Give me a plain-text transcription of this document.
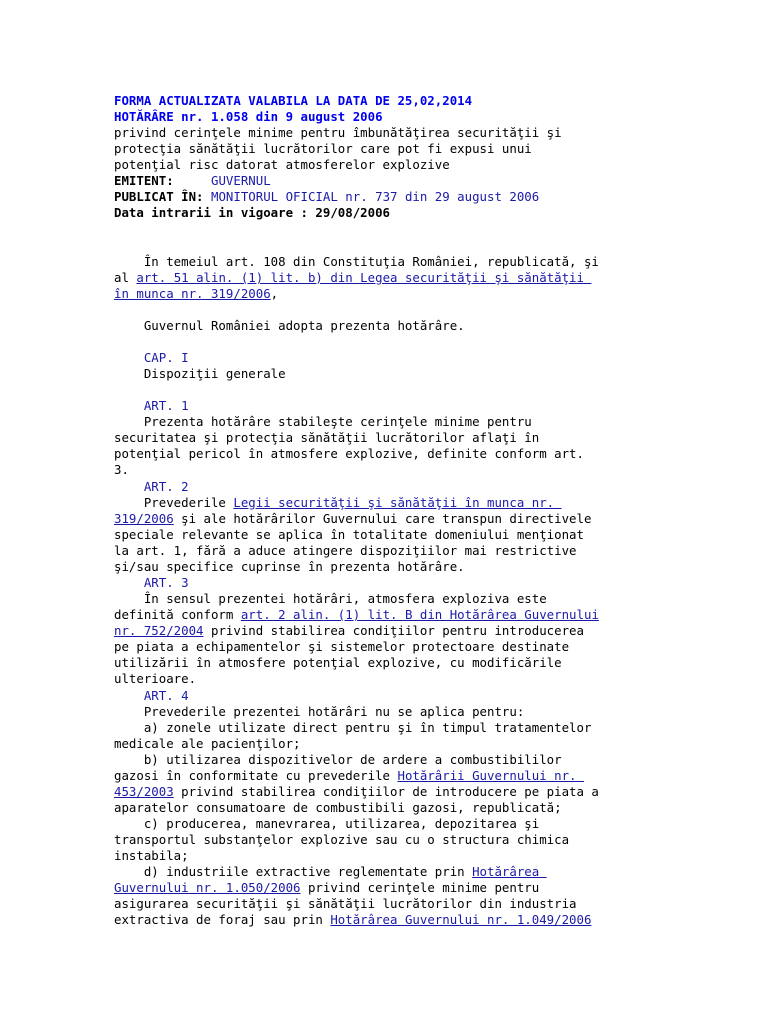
FORMA ACTUALIZATA VALABILA LA DATA DE 25,02,2014
HOTĂRÂRE nr. 1.058 din 9 august 2006
privind cerinţele minime pentru îmbunătăţirea securităţii şi
protecţia sănătăţii lucrătorilor care pot fi expusi unui
potenţial risc datorat atmosferelor explozive
EMITENT:	GUVERNUL
PUBLICAT ÎN: MONITORUL OFICIAL nr. 737 din 29 august 2006
Data intrarii in vigoare : 29/08/2006
În temeiul art. 108 din Constituţia României, republicată, şi
al art. 51 alin. (1) lit. b) din Legea securităţii şi sănătăţii
în munca nr. 319/2006,
Guvernul României adopta prezenta hotărâre.
CAP. I
Dispoziţii generale
ART. 1
Prezenta hotărâre stabileşte cerinţele minime pentru
securitatea şi protecţia sănătăţii lucrătorilor aflaţi în
potenţial pericol în atmosfere explozive, definite conform art.
3.
ART. 2
Prevederile Legii securităţii şi sănătăţii în munca nr.
319/2006 şi ale hotărârilor Guvernului care transpun directivele
speciale relevante se aplica în totalitate domeniului menţionat
la art. 1, fără a aduce atingere dispoziţiilor mai restrictive
şi/sau specifice cuprinse în prezenta hotărâre.
ART. 3
În sensul prezentei hotărâri, atmosfera exploziva este
definită conform art. 2 alin. (1) lit. B din Hotărârea Guvernului
nr. 752/2004 privind stabilirea condiţiilor pentru introducerea
pe piata a echipamentelor şi sistemelor protectoare destinate
utilizării în atmosfere potenţial explozive, cu modificările
ulterioare.
ART. 4
Prevederile prezentei hotărâri nu se aplica pentru:
a) zonele utilizate direct pentru şi în timpul tratamentelor
medicale ale pacienţilor;
b) utilizarea dispozitivelor de ardere a combustibililor
gazosi în conformitate cu prevederile Hotărârii Guvernului nr.
453/2003 privind stabilirea condiţiilor de introducere pe piata a
aparatelor consumatoare de combustibili gazosi, republicată;
c) producerea, manevrarea, utilizarea, depozitarea şi
transportul substanţelor explozive sau cu o structura chimica
instabila;
d) industriile extractive reglementate prin Hotărârea
Guvernului nr. 1.050/2006 privind cerinţele minime pentru
asigurarea securităţii şi sănătăţii lucrătorilor din industria
extractiva de foraj sau prin Hotărârea Guvernului nr. 1.049/2006
